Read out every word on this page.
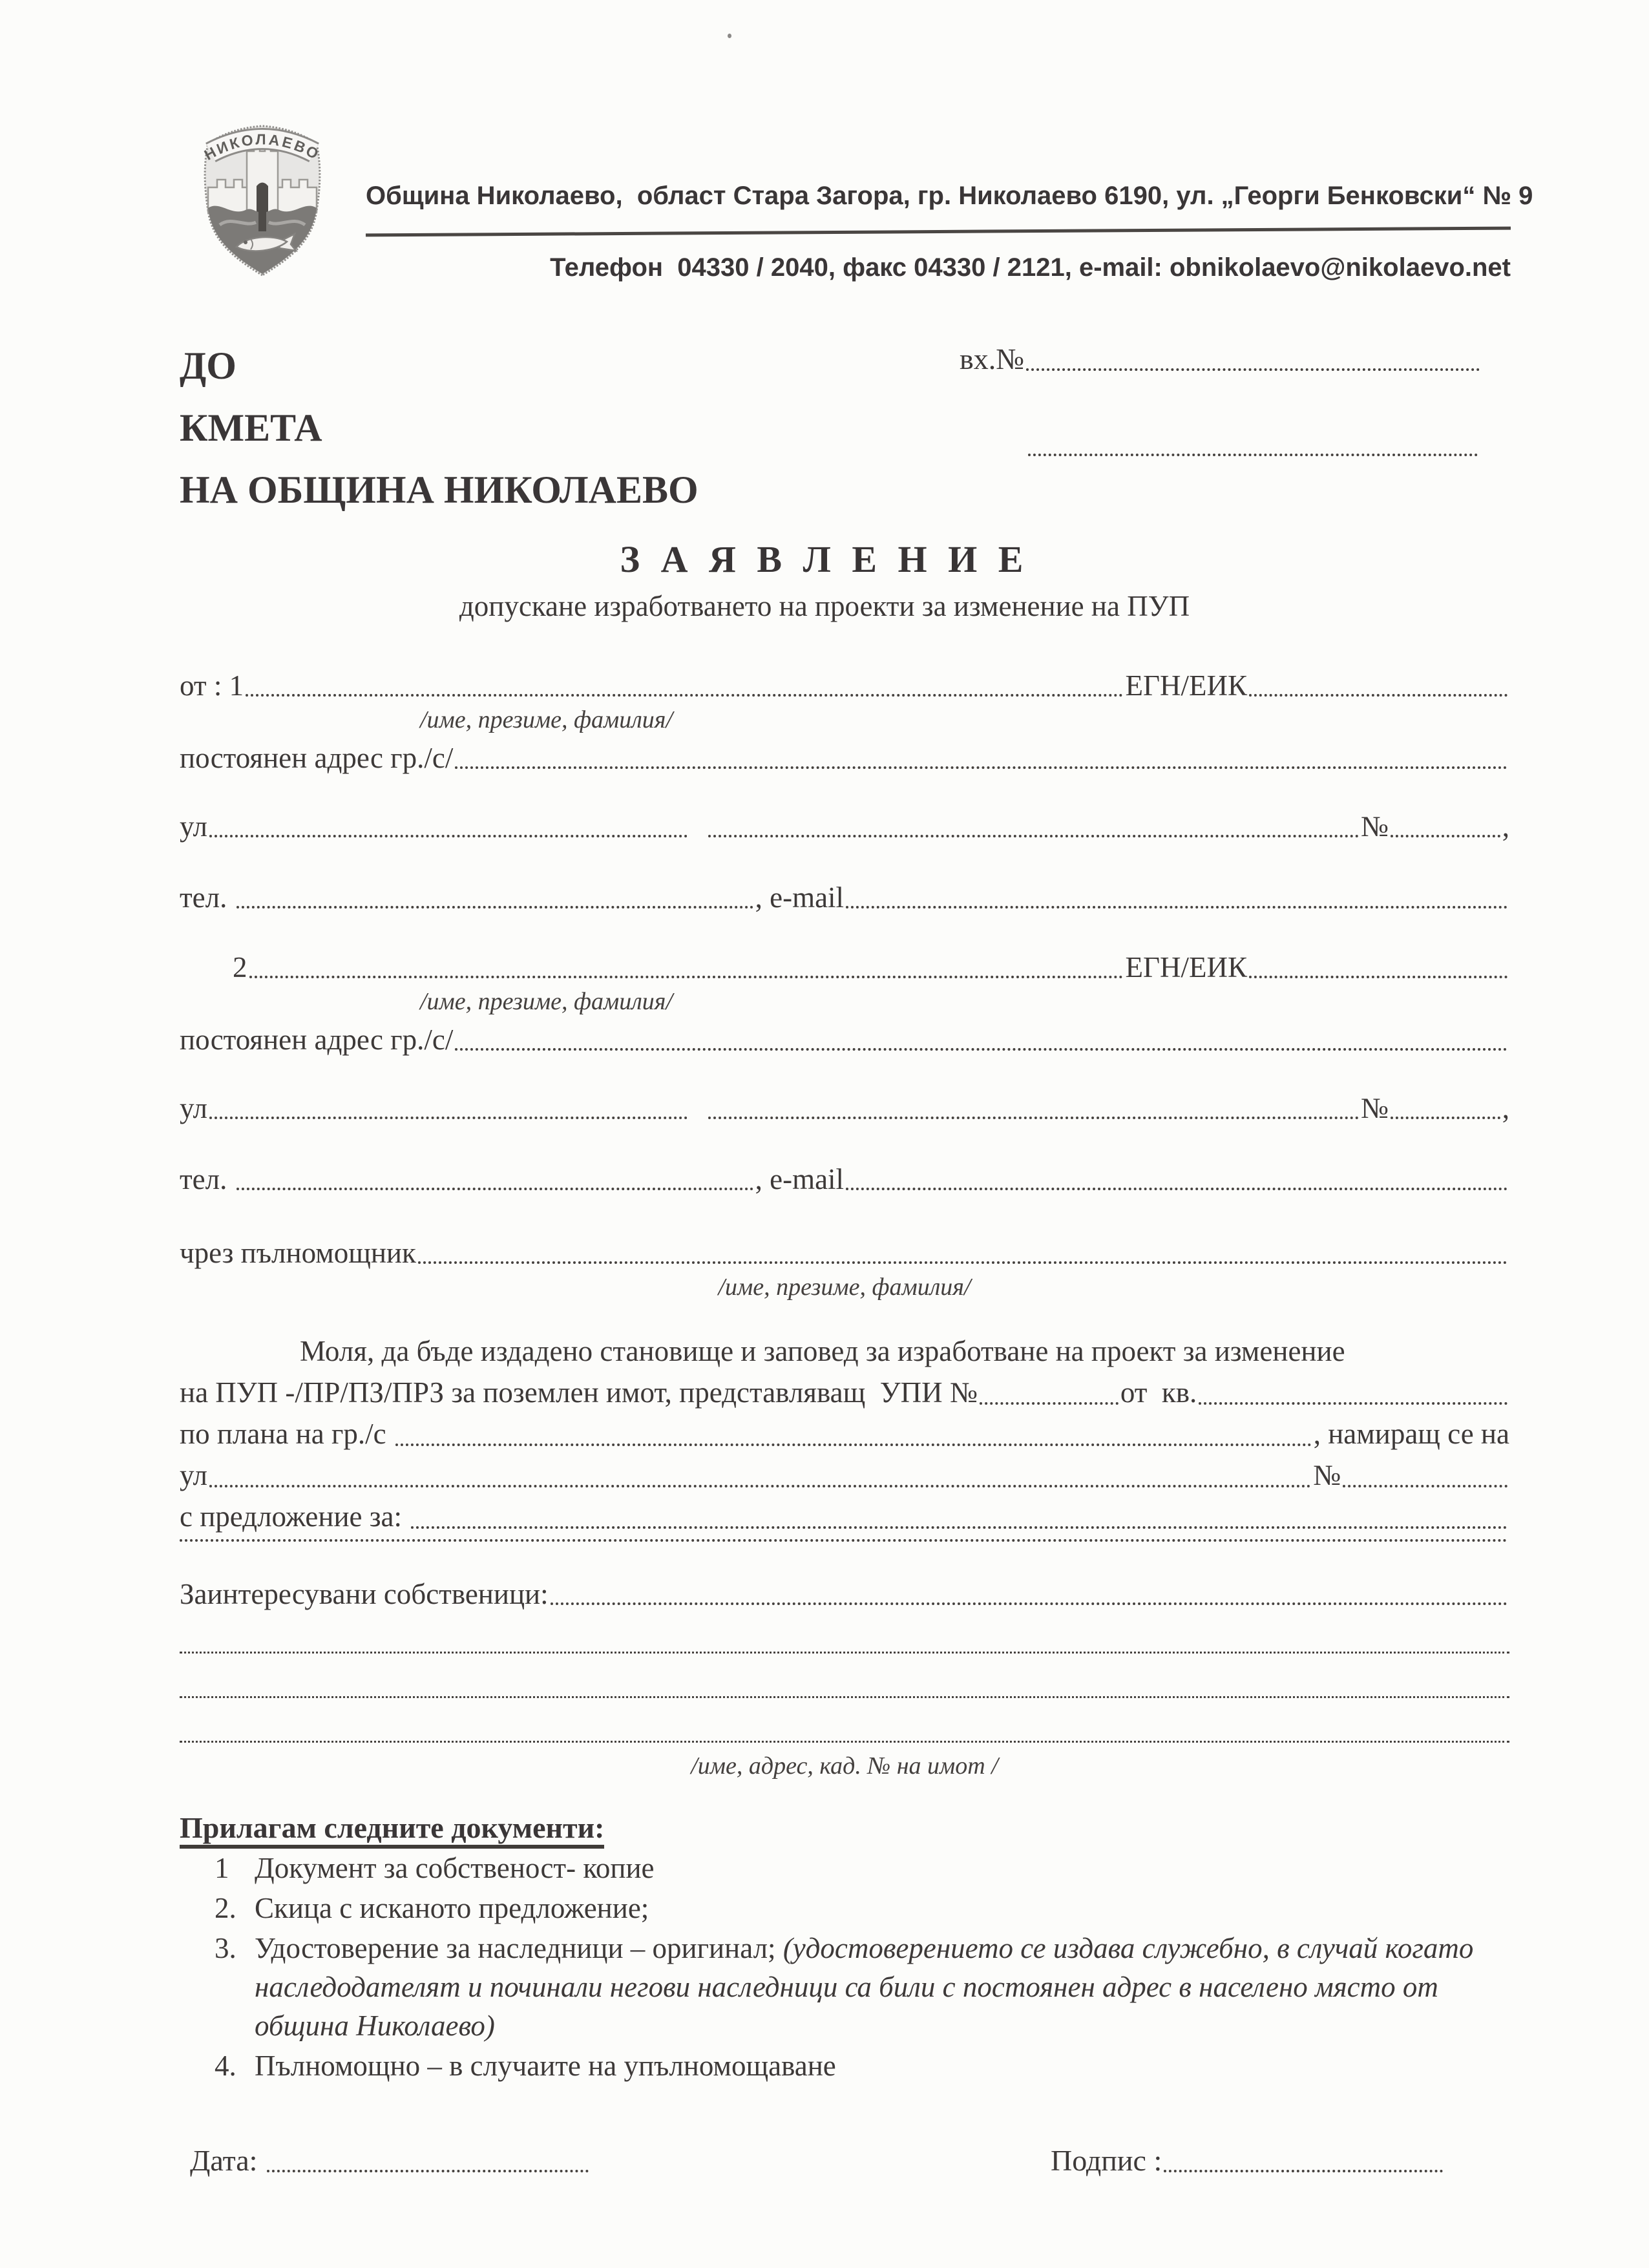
НИКОЛАЕВО
Община Николаево,  област Стара Загора, гр. Николаево 6190, ул. „Георги Бенковски“ № 9
Телефон  04330 / 2040, факс 04330 / 2121, e-mail: obnikolaevo@nikolaevo.net
ДО
КМЕТА
НА ОБЩИНА НИКОЛАЕВО
вх.№
З А Я В Л Е Н И Е
допускане изработването на проекти за изменение на ПУП
от : 1	ЕГН/ЕИК
/име, презиме, фамилия/
постоянен адрес гр./с/
ул	№	,
тел.	, e-mail
2	ЕГН/ЕИК
/име, презиме, фамилия/
постоянен адрес гр./с/
ул	№	,
тел.	, e-mail
чрез пълномощник
/име, презиме, фамилия/
Моля, да бъде издадено становище и заповед за изработване на проект за изменение
на ПУП -/ПР/ПЗ/ПРЗ за поземлен имот, представляващ  УПИ №	от  кв.
по плана на гр./с	, намиращ се на
ул	№
с предложение за:
Заинтересувани собственици:
/име, адрес, кад. № на имот /
Прилагам следните документи:
1 Документ за собственост- копие
2. Скица с исканото предложение;
3. Удостоверение за наследници – оригинал; (удостоверението се издава служебно, в случай когато наследодателят и починали негови наследници са били с постоянен адрес в населено място от община Николаево)
4. Пълномощно – в случаите на упълномощаване
Дата:	Подпис :
